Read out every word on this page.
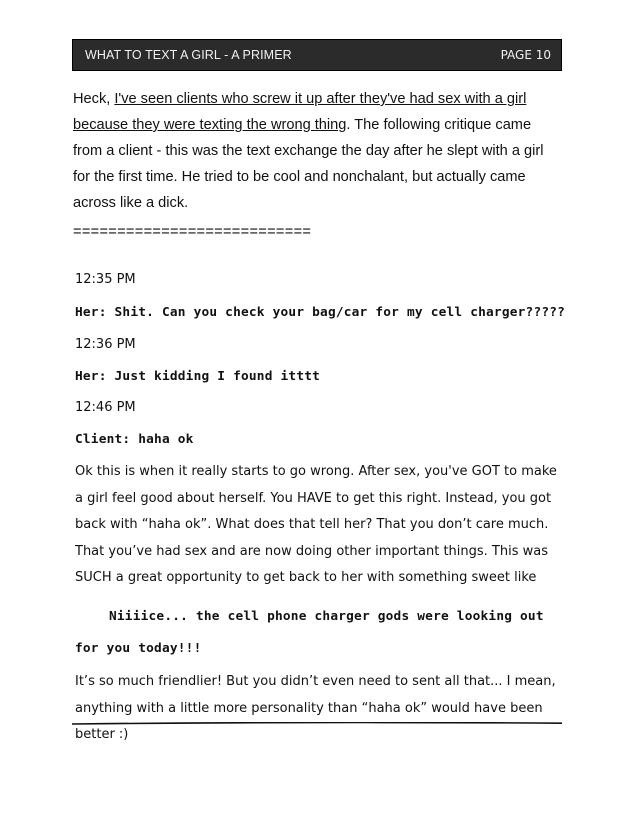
WHAT TO TEXT A GIRL - A PRIMER	PAGE 10

Heck, I've seen clients who screw it up after they've had sex with a girl because they were texting the wrong thing. The following critique came from a client - this was the text exchange the day after he slept with a girl for the first time. He tried to be cool and nonchalant, but actually came across like a dick.

===========================
12:35 PM
Her: Shit. Can you check your bag/car for my cell charger?????
12:36 PM
Her: Just kidding I found itttt
12:46 PM
Client: haha ok

Ok this is when it really starts to go wrong. After sex, you've GOT to make a girl feel good about herself. You HAVE to get this right. Instead, you got back with “haha ok”. What does that tell her? That you don’t care much. That you’ve had sex and are now doing other important things. This was SUCH a great opportunity to get back to her with something sweet like

Niiiice... the cell phone charger gods were looking out for you today!!!

It’s so much friendlier! But you didn’t even need to sent all that... I mean, anything with a little more personality than “haha ok” would have been better :)
